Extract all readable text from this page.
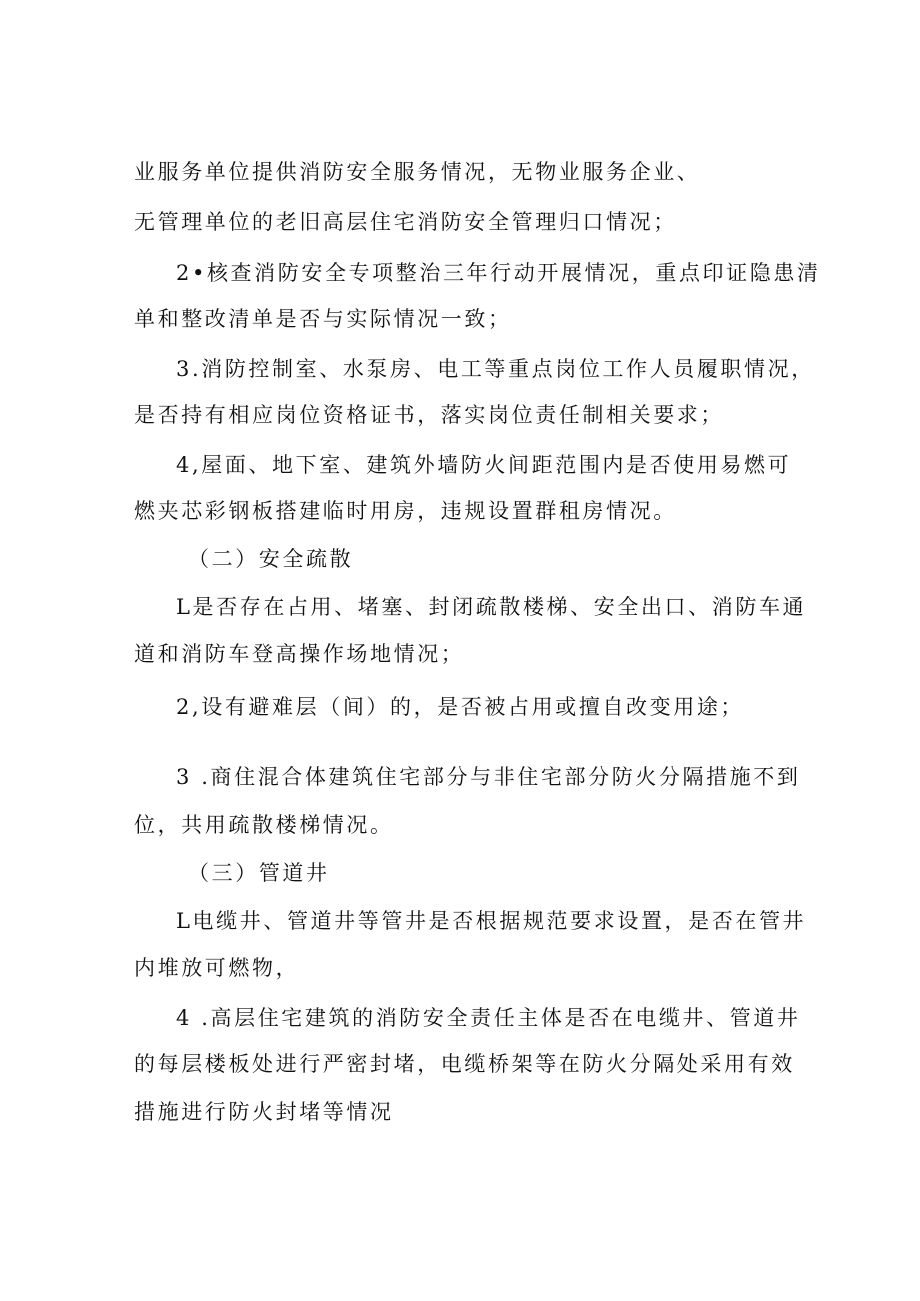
业服务单位提供消防安全服务情况，无物业服务企业、
无管理单位的老旧高层住宅消防安全管理归口情况；
2•核查消防安全专项整治三年行动开展情况，重点印证隐患清
单和整改清单是否与实际情况一致；
3.消防控制室、水泵房、电工等重点岗位工作人员履职情况，
是否持有相应岗位资格证书，落实岗位责任制相关要求；
4,屋面、地下室、建筑外墙防火间距范围内是否使用易燃可
燃夹芯彩钢板搭建临时用房，违规设置群租房情况。
（二）安全疏散
L是否存在占用、堵塞、封闭疏散楼梯、安全出口、消防车通
道和消防车登高操作场地情况；
2,设有避难层（间）的，是否被占用或擅自改变用途；
3 .商住混合体建筑住宅部分与非住宅部分防火分隔措施不到
位，共用疏散楼梯情况。
（三）管道井
L电缆井、管道井等管井是否根据规范要求设置，是否在管井
内堆放可燃物，
4 .高层住宅建筑的消防安全责任主体是否在电缆井、管道井
的每层楼板处进行严密封堵，电缆桥架等在防火分隔处采用有效
措施进行防火封堵等情况
